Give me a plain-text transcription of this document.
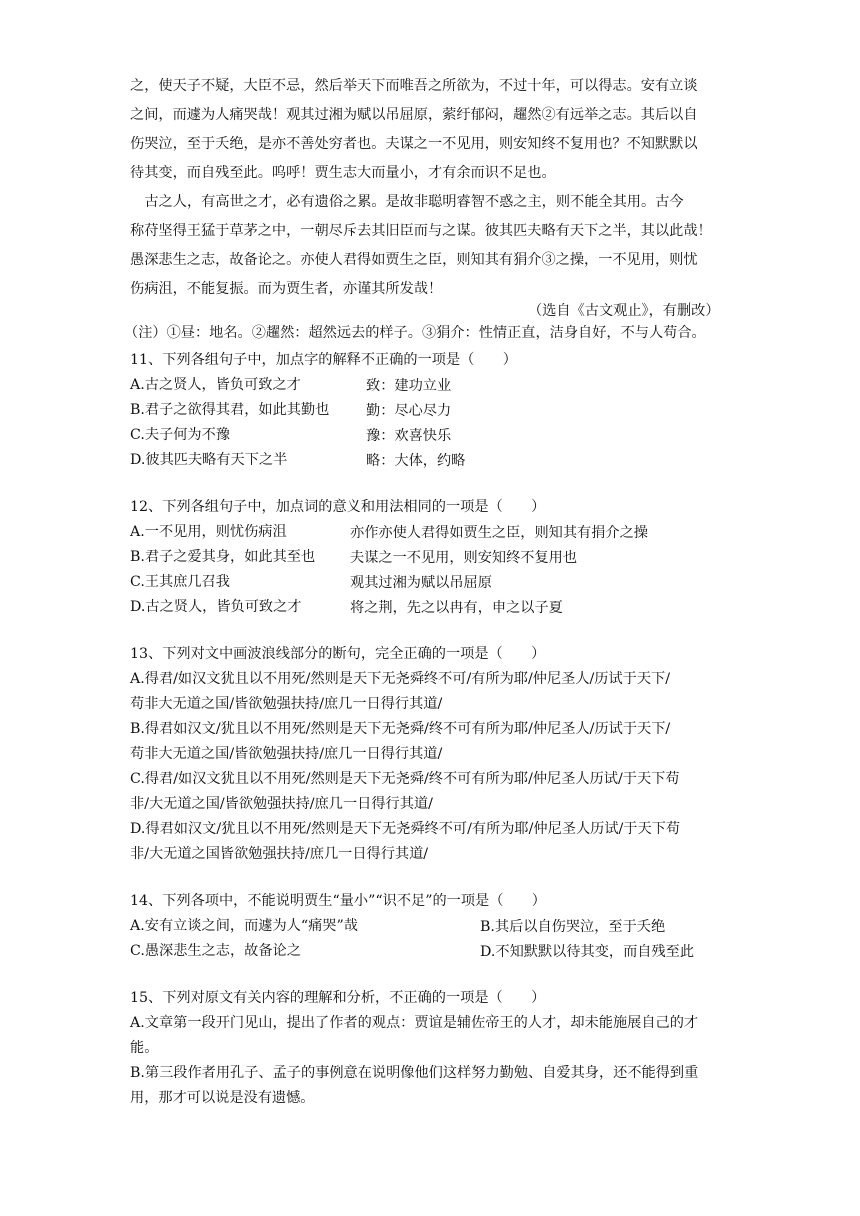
之，使天子不疑，大臣不忌，然后举天下而唯吾之所欲为，不过十年，可以得志。安有立谈
之间，而遽为人痛哭哉！观其过湘为赋以吊屈原，萦纡郁闷，趯然②有远举之志。其后以自
伤哭泣，至于夭绝，是亦不善处穷者也。夫谋之一不见用，则安知终不复用也？不知默默以
待其变，而自残至此。呜呼！贾生志大而量小，才有余而识不足也。
　　古之人，有高世之才，必有遗俗之累。是故非聪明睿智不惑之主，则不能全其用。古今
称苻坚得王猛于草茅之中，一朝尽斥去其旧臣而与之谋。彼其匹夫略有天下之半，其以此哉！
愚深悲生之志，故备论之。亦使人君得如贾生之臣，则知其有狷介③之操，一不见用，则忧
伤病沮，不能复振。而为贾生者，亦谨其所发哉！
（选自《古文观止》，有删改）
（注）①昼：地名。②趯然：超然远去的样子。③狷介：性情正直，洁身自好，不与人苟合。
11、下列各组句子中，加点字的解释不正确的一项是（　　）
A.古之贤人，皆负可致之才	致：建功立业
B.君子之欲得其君，如此其勤也	勤：尽心尽力
C.夫子何为不豫	豫：欢喜快乐
D.彼其匹夫略有天下之半	略：大体，约略
12、下列各组句子中，加点词的意义和用法相同的一项是（　　）
A.一不见用，则忧伤病沮	亦作亦使人君得如贾生之臣，则知其有捐介之操
B.君子之爱其身，如此其至也 夫谋之一不见用，则安知终不复用也
C.王其庶几召我	观其过湘为赋以吊屈原
D.古之贤人，皆负可致之才	将之荆，先之以冉有，申之以子夏
13、下列对文中画波浪线部分的断句，完全正确的一项是（　　）
A.得君/如汉文犹且以不用死/然则是天下无尧舜终不可/有所为耶/仲尼圣人/历试于天下/
苟非大无道之国/皆欲勉强扶持/庶几一日得行其道/
B.得君如汉文/犹且以不用死/然则是天下无尧舜/终不可有所为耶/仲尼圣人/历试于天下/
苟非大无道之国/皆欲勉强扶持/庶几一日得行其道/
C.得君/如汉文犹且以不用死/然则是天下无尧舜/终不可有所为耶/仲尼圣人历试/于天下苟
非/大无道之国/皆欲勉强扶持/庶几一日得行其道/
D.得君如汉文/犹且以不用死/然则是天下无尧舜终不可/有所为耶/仲尼圣人历试/于天下苟
非/大无道之国皆欲勉强扶持/庶几一日得行其道/
14、下列各项中，不能说明贾生“量小”“识不足”的一项是（　　）
A.安有立谈之间，而遽为人“痛哭”哉	B.其后以自伤哭泣，至于夭绝
C.愚深悲生之志，故备论之	D.不知默默以待其变，而自残至此
15、下列对原文有关内容的理解和分析，不正确的一项是（　　）
A.文章第一段开门见山，提出了作者的观点：贾谊是辅佐帝王的人才，却未能施展自己的才
能。
B.第三段作者用孔子、孟子的事例意在说明像他们这样努力勤勉、自爱其身，还不能得到重
用，那才可以说是没有遗憾。
